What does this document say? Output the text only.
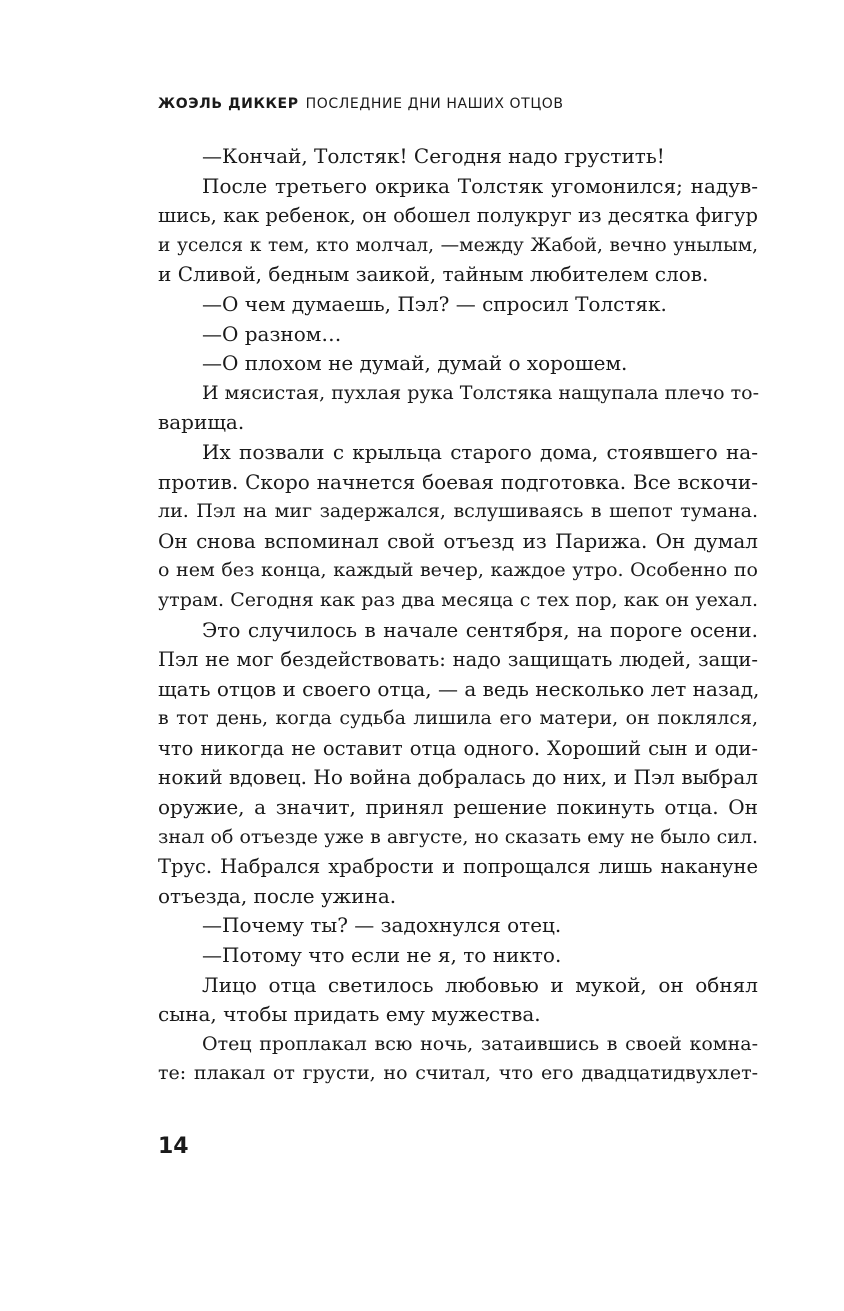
ЖОЭЛЬ ДИККЕР ПОСЛЕДНИЕ ДНИ НАШИХ ОТЦОВ
—Кончай, Толстяк! Сегодня надо грустить!
После третьего окрика Толстяк угомонился; надув-
шись, как ребенок, он обошел полукруг из десятка фигур
и уселся к тем, кто молчал, —между Жабой, вечно унылым,
и Сливой, бедным заикой, тайным любителем слов.
—О чем думаешь, Пэл? — спросил Толстяк.
—О разном…
—О плохом не думай, думай о хорошем.
И мясистая, пухлая рука Толстяка нащупала плечо то-
варища.
Их позвали с крыльца старого дома, стоявшего на-
против. Скоро начнется боевая подготовка. Все вскочи-
ли. Пэл на миг задержался, вслушиваясь в шепот тумана.
Он снова вспоминал свой отъезд из Парижа. Он думал
о нем без конца, каждый вечер, каждое утро. Особенно по
утрам. Сегодня как раз два месяца с тех пор, как он уехал.
Это случилось в начале сентября, на пороге осени.
Пэл не мог бездействовать: надо защищать людей, защи-
щать отцов и своего отца, — а ведь несколько лет назад,
в тот день, когда судьба лишила его матери, он поклялся,
что никогда не оставит отца одного. Хороший сын и оди-
нокий вдовец. Но война добралась до них, и Пэл выбрал
оружие, а значит, принял решение покинуть отца. Он
знал об отъезде уже в августе, но сказать ему не было сил.
Трус. Набрался храбрости и попрощался лишь накануне
отъезда, после ужина.
—Почему ты? — задохнулся отец.
—Потому что если не я, то никто.
Лицо отца светилось любовью и мукой, он обнял
сына, чтобы придать ему мужества.
Отец проплакал всю ночь, затаившись в своей комна-
те: плакал от грусти, но считал, что его двадцатидвухлет-
14
